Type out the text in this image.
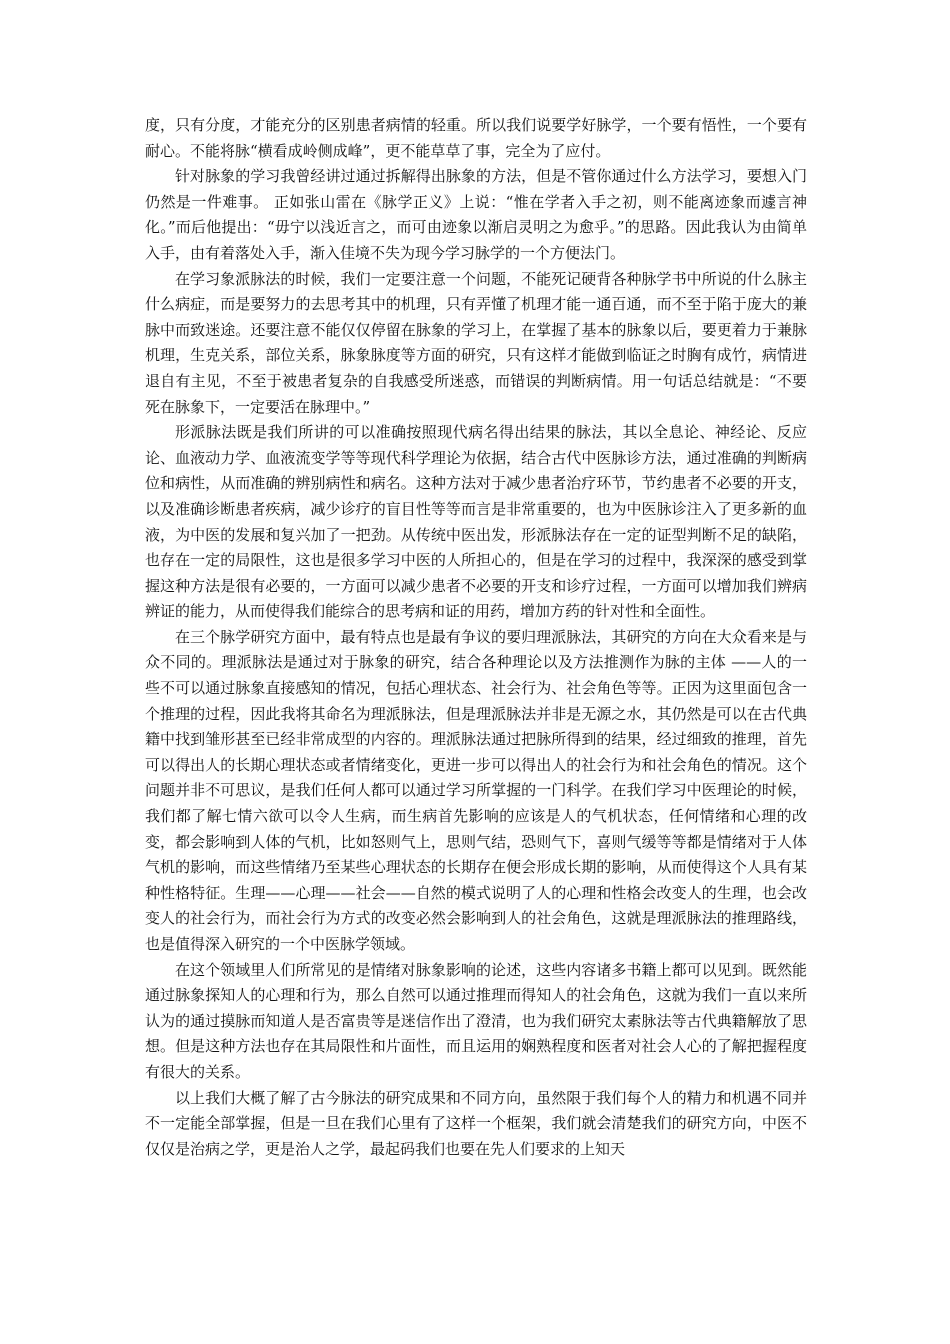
度，只有分度，才能充分的区别患者病情的轻重。所以我们说要学好脉学，一个要有悟性，一个要有耐心。不能将脉“横看成岭侧成峰”，更不能草草了事，完全为了应付。

针对脉象的学习我曾经讲过通过拆解得出脉象的方法，但是不管你通过什么方法学习，要想入门仍然是一件难事。 正如张山雷在《脉学正义》上说：“惟在学者入手之初，则不能离迹象而遽言神化。”而后他提出：“毋宁以浅近言之，而可由迹象以渐启灵明之为愈乎。”的思路。因此我认为由简单入手，由有着落处入手，渐入佳境不失为现今学习脉学的一个方便法门。

在学习象派脉法的时候，我们一定要注意一个问题，不能死记硬背各种脉学书中所说的什么脉主什么病症，而是要努力的去思考其中的机理，只有弄懂了机理才能一通百通，而不至于陷于庞大的兼脉中而致迷途。还要注意不能仅仅停留在脉象的学习上，在掌握了基本的脉象以后，要更着力于兼脉机理，生克关系，部位关系，脉象脉度等方面的研究，只有这样才能做到临证之时胸有成竹，病情进退自有主见，不至于被患者复杂的自我感受所迷惑，而错误的判断病情。用一句话总结就是：“不要死在脉象下，一定要活在脉理中。”

形派脉法既是我们所讲的可以准确按照现代病名得出结果的脉法，其以全息论、神经论、反应论、血液动力学、血液流变学等等现代科学理论为依据，结合古代中医脉诊方法，通过准确的判断病位和病性，从而准确的辨别病性和病名。这种方法对于减少患者治疗环节，节约患者不必要的开支，以及准确诊断患者疾病，减少诊疗的盲目性等等而言是非常重要的，也为中医脉诊注入了更多新的血液，为中医的发展和复兴加了一把劲。从传统中医出发，形派脉法存在一定的证型判断不足的缺陷，也存在一定的局限性，这也是很多学习中医的人所担心的，但是在学习的过程中，我深深的感受到掌握这种方法是很有必要的，一方面可以减少患者不必要的开支和诊疗过程，一方面可以增加我们辨病辨证的能力，从而使得我们能综合的思考病和证的用药，增加方药的针对性和全面性。

在三个脉学研究方面中，最有特点也是最有争议的要归理派脉法，其研究的方向在大众看来是与众不同的。理派脉法是通过对于脉象的研究，结合各种理论以及方法推测作为脉的主体 ——人的一些不可以通过脉象直接感知的情况，包括心理状态、社会行为、社会角色等等。正因为这里面包含一个推理的过程，因此我将其命名为理派脉法，但是理派脉法并非是无源之水，其仍然是可以在古代典籍中找到雏形甚至已经非常成型的内容的。理派脉法通过把脉所得到的结果，经过细致的推理，首先可以得出人的长期心理状态或者情绪变化，更进一步可以得出人的社会行为和社会角色的情况。这个问题并非不可思议，是我们任何人都可以通过学习所掌握的一门科学。在我们学习中医理论的时候，我们都了解七情六欲可以令人生病，而生病首先影响的应该是人的气机状态，任何情绪和心理的改变，都会影响到人体的气机，比如怒则气上，思则气结，恐则气下，喜则气缓等等都是情绪对于人体气机的影响，而这些情绪乃至某些心理状态的长期存在便会形成长期的影响，从而使得这个人具有某种性格特征。生理——心理——社会——自然的模式说明了人的心理和性格会改变人的生理，也会改变人的社会行为，而社会行为方式的改变必然会影响到人的社会角色，这就是理派脉法的推理路线，也是值得深入研究的一个中医脉学领域。

在这个领域里人们所常见的是情绪对脉象影响的论述，这些内容诸多书籍上都可以见到。既然能通过脉象探知人的心理和行为，那么自然可以通过推理而得知人的社会角色，这就为我们一直以来所认为的通过摸脉而知道人是否富贵等是迷信作出了澄清，也为我们研究太素脉法等古代典籍解放了思想。但是这种方法也存在其局限性和片面性，而且运用的娴熟程度和医者对社会人心的了解把握程度有很大的关系。

以上我们大概了解了古今脉法的研究成果和不同方向，虽然限于我们每个人的精力和机遇不同并不一定能全部掌握，但是一旦在我们心里有了这样一个框架，我们就会清楚我们的研究方向，中医不仅仅是治病之学，更是治人之学，最起码我们也要在先人们要求的上知天
